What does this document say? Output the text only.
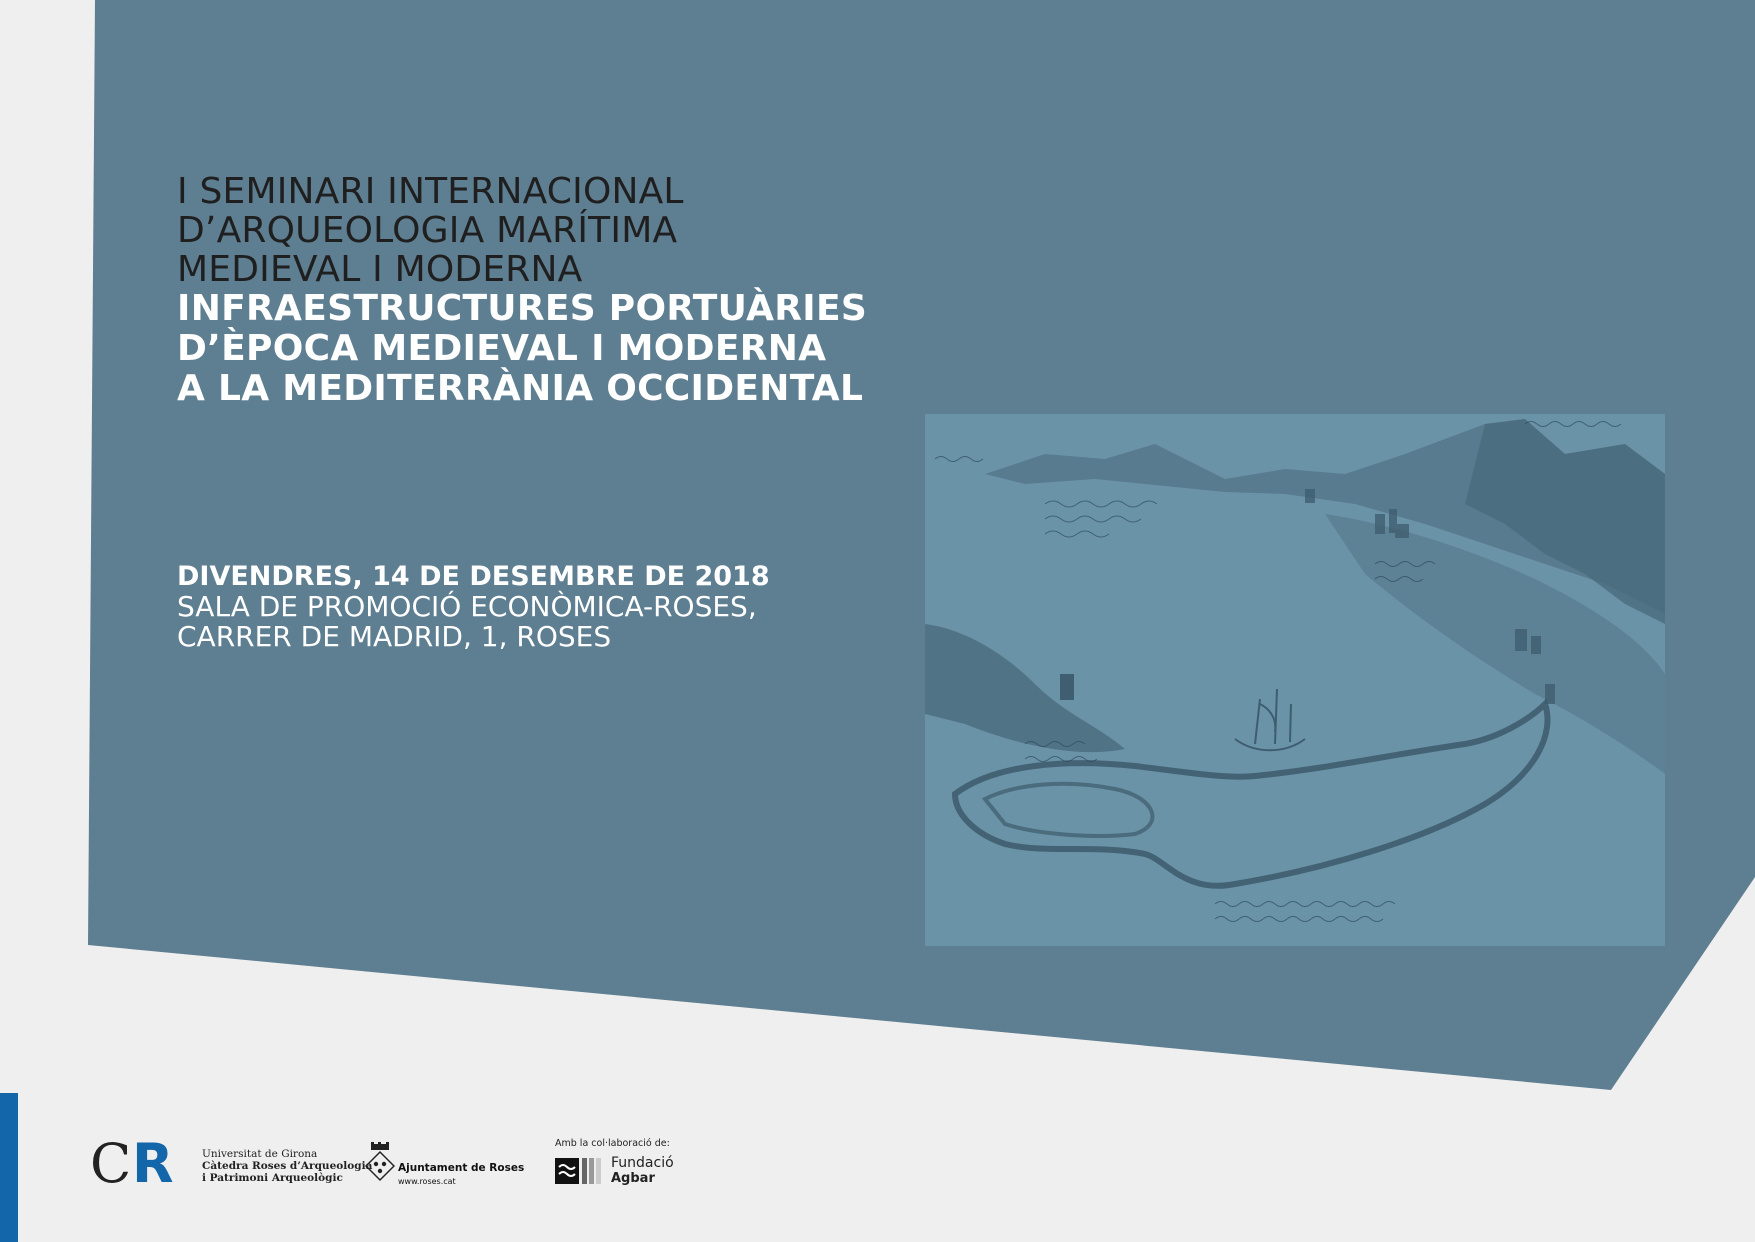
I SEMINARI INTERNACIONAL
D’ARQUEOLOGIA MARÍTIMA
MEDIEVAL I MODERNA
INFRAESTRUCTURES PORTUÀRIES
D’ÈPOCA MEDIEVAL I MODERNA
A LA MEDITERRÀNIA OCCIDENTAL
DIVENDRES, 14 DE DESEMBRE DE 2018
SALA DE PROMOCIÓ ECONÒMICA-ROSES,
CARRER DE MADRID, 1, ROSES
C R	Universitat de Girona
Càtedra Roses d’Arqueologia
i Patrimoni Arqueològic
Ajuntament de Roses
www.roses.cat
Amb la col·laboració de:
Fundació
Agbar
